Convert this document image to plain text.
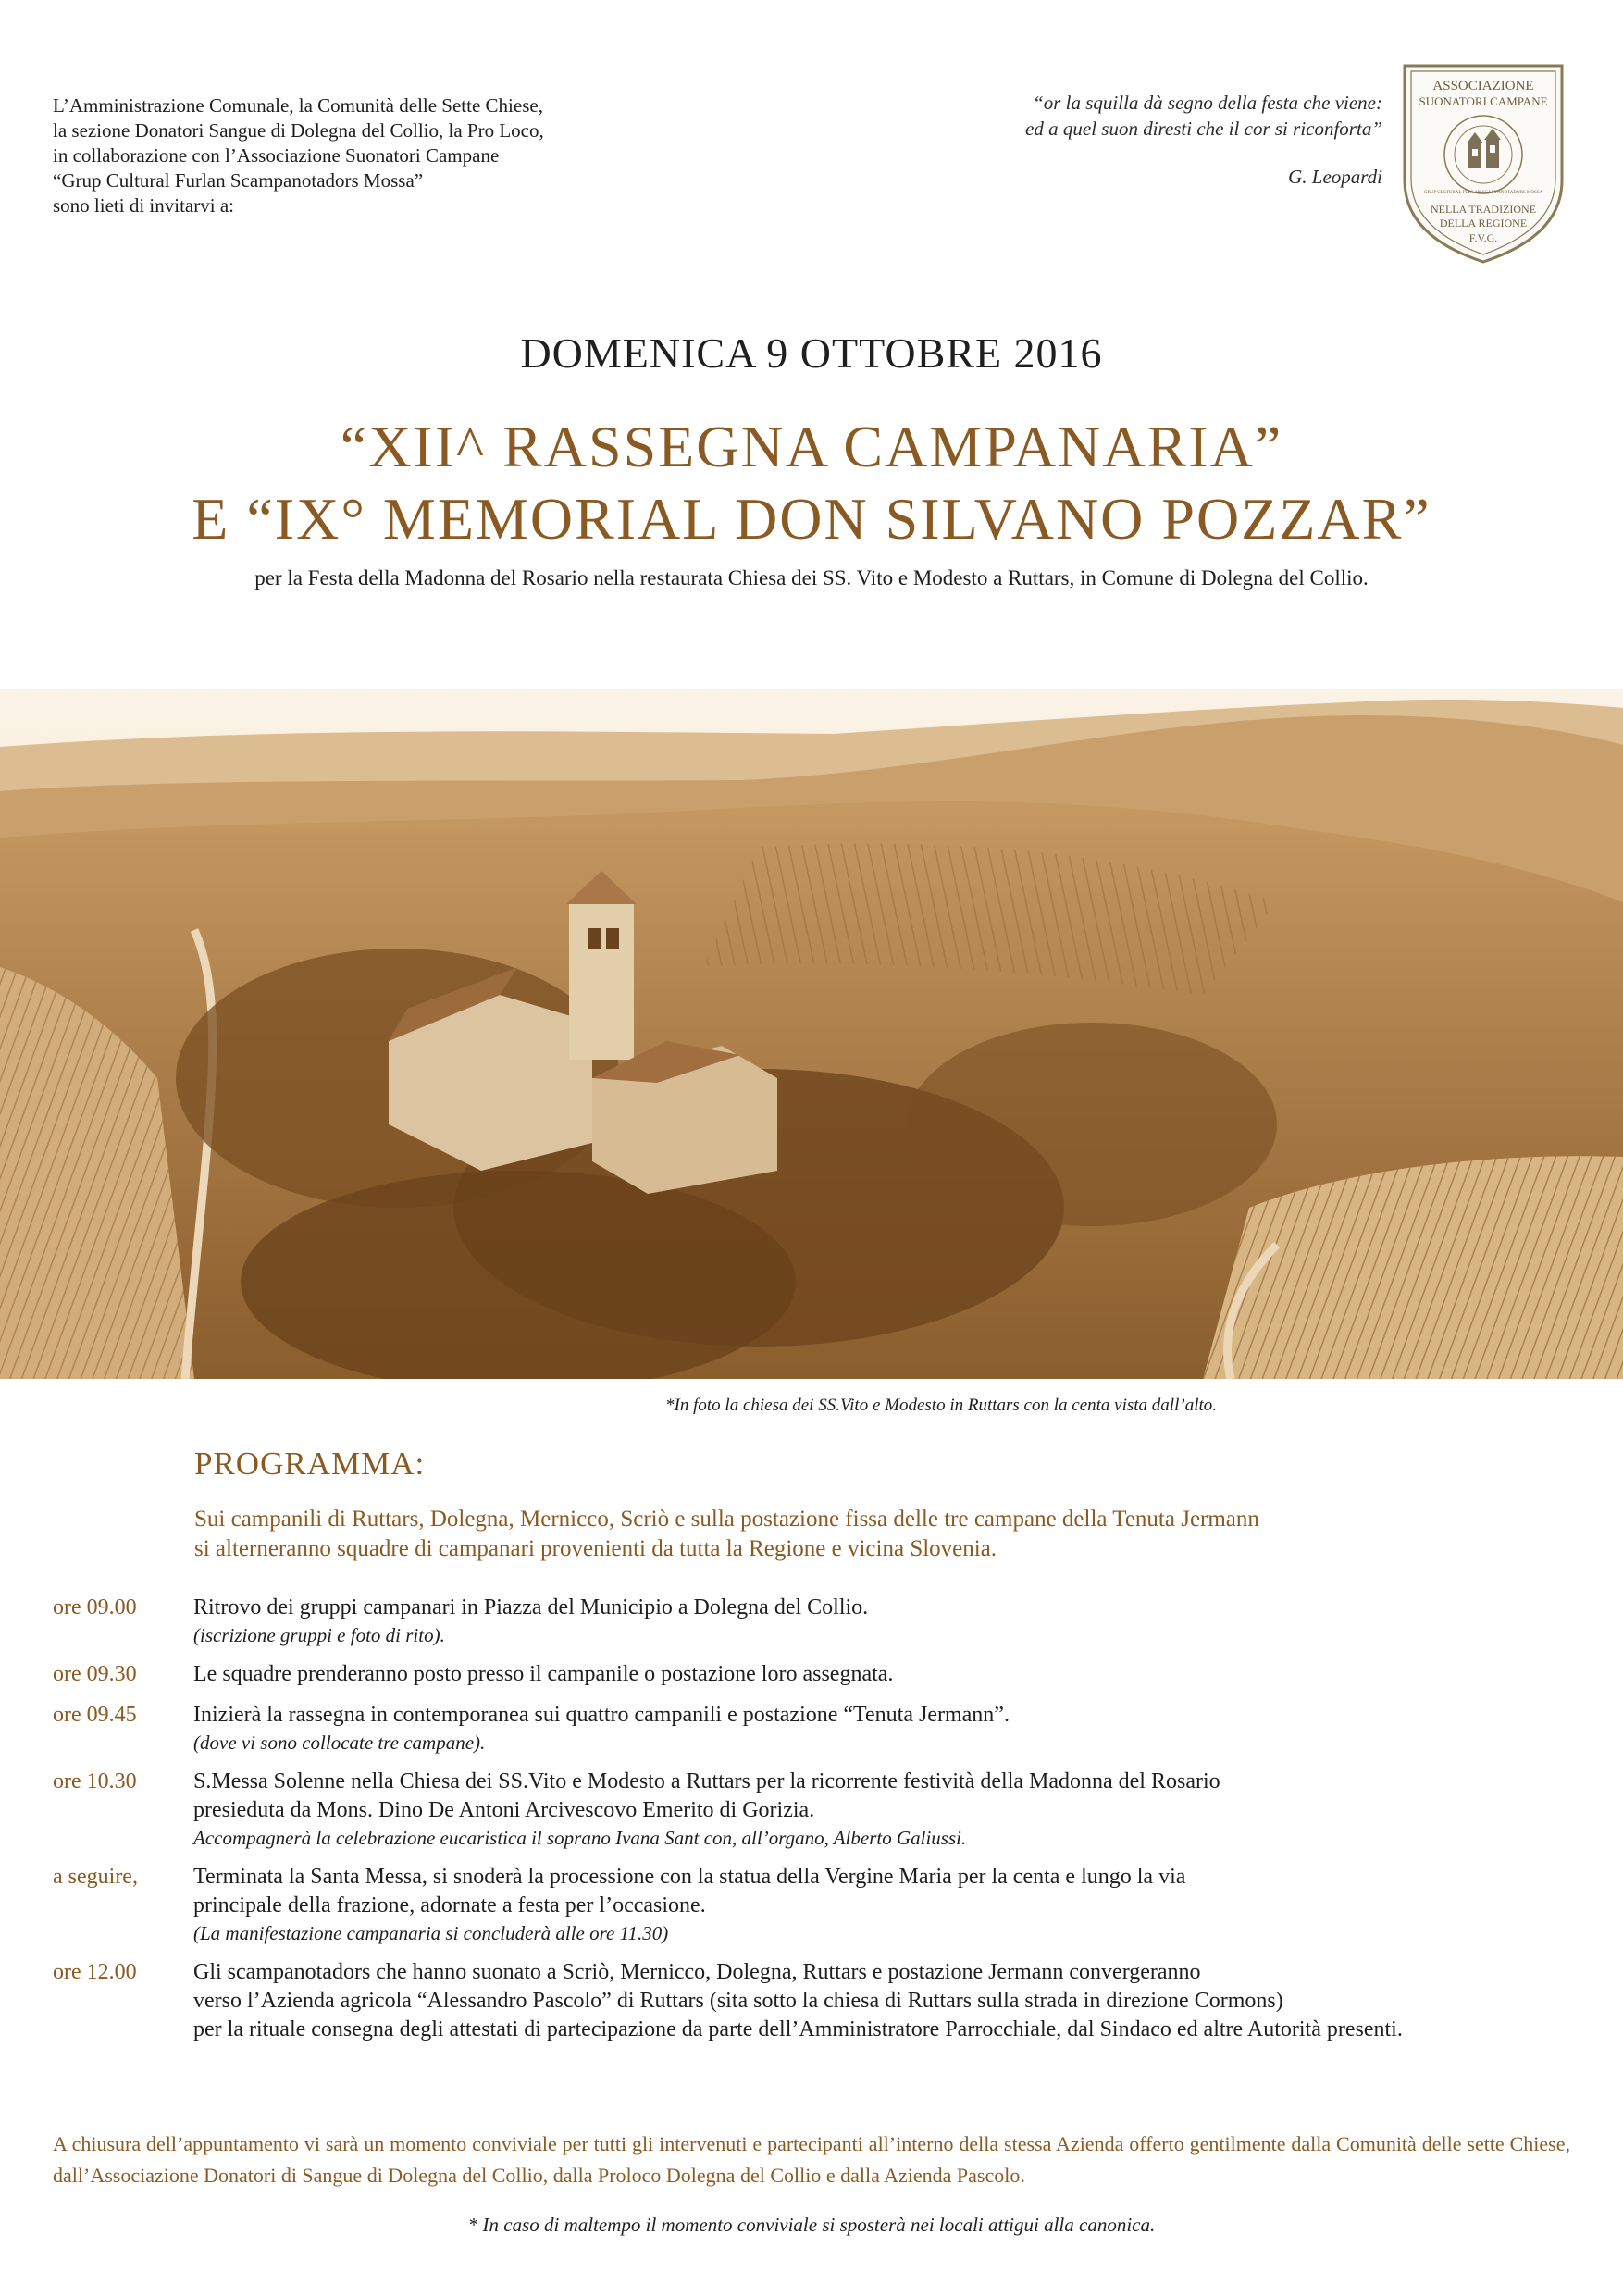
L’Amministrazione Comunale, la Comunità delle Sette Chiese,
la sezione Donatori Sangue di Dolegna del Collio, la Pro Loco,
in collaborazione con l’Associazione Suonatori Campane
“Grup Cultural Furlan Scampanotadors Mossa”
sono lieti di invitarvi a:
“or la squilla dà segno della festa che viene:
ed a quel suon diresti che il cor si riconforta”
G. Leopardi
ASSOCIAZIONE
SUONATORI CAMPANE
GRUP CULTURAL FURLAN SCAMPANOTADORS MOSSA
NELLA TRADIZIONE
DELLA REGIONE
F.V.G.
DOMENICA 9 OTTOBRE 2016
“XII^ RASSEGNA CAMPANARIA”
E “IX° MEMORIAL DON SILVANO POZZAR”
per la Festa della Madonna del Rosario nella restaurata Chiesa dei SS. Vito e Modesto a Ruttars, in Comune di Dolegna del Collio.
*In foto la chiesa dei SS.Vito e Modesto in Ruttars con la centa vista dall’alto.
PROGRAMMA:
Sui campanili di Ruttars, Dolegna, Mernicco, Scriò e sulla postazione fissa delle tre campane della Tenuta Jermann
si alterneranno squadre di campanari provenienti da tutta la Regione e vicina Slovenia.
ore 09.00	Ritrovo dei gruppi campanari in Piazza del Municipio a Dolegna del Collio.
(iscrizione gruppi e foto di rito).
ore 09.30	Le squadre prenderanno posto presso il campanile o postazione loro assegnata.
ore 09.45	Inizierà la rassegna in contemporanea sui quattro campanili e postazione “Tenuta Jermann”.
(dove vi sono collocate tre campane).
ore 10.30	S.Messa Solenne nella Chiesa dei SS.Vito e Modesto a Ruttars per la ricorrente festività della Madonna del Rosario
presieduta da Mons. Dino De Antoni Arcivescovo Emerito di Gorizia.
Accompagnerà la celebrazione eucaristica il soprano Ivana Sant con, all’organo, Alberto Galiussi.
a seguire,	Terminata la Santa Messa, si snoderà la processione con la statua della Vergine Maria per la centa e lungo la via
principale della frazione, adornate a festa per l’occasione.
(La manifestazione campanaria si concluderà alle ore 11.30)
ore 12.00	Gli scampanotadors che hanno suonato a Scriò, Mernicco, Dolegna, Ruttars e postazione Jermann convergeranno
verso l’Azienda agricola “Alessandro Pascolo” di Ruttars (sita sotto la chiesa di Ruttars sulla strada in direzione Cormons)
per la rituale consegna degli attestati di partecipazione da parte dell’Amministratore Parrocchiale, dal Sindaco ed altre Autorità presenti.
A chiusura dell’appuntamento vi sarà un momento conviviale per tutti gli intervenuti e partecipanti all’interno della stessa Azienda offerto gentilmente dalla Comunità delle sette Chiese, dall’Associazione Donatori di Sangue di Dolegna del Collio, dalla Proloco Dolegna del Collio e dalla Azienda Pascolo.
* In caso di maltempo il momento conviviale si sposterà nei locali attigui alla canonica.
